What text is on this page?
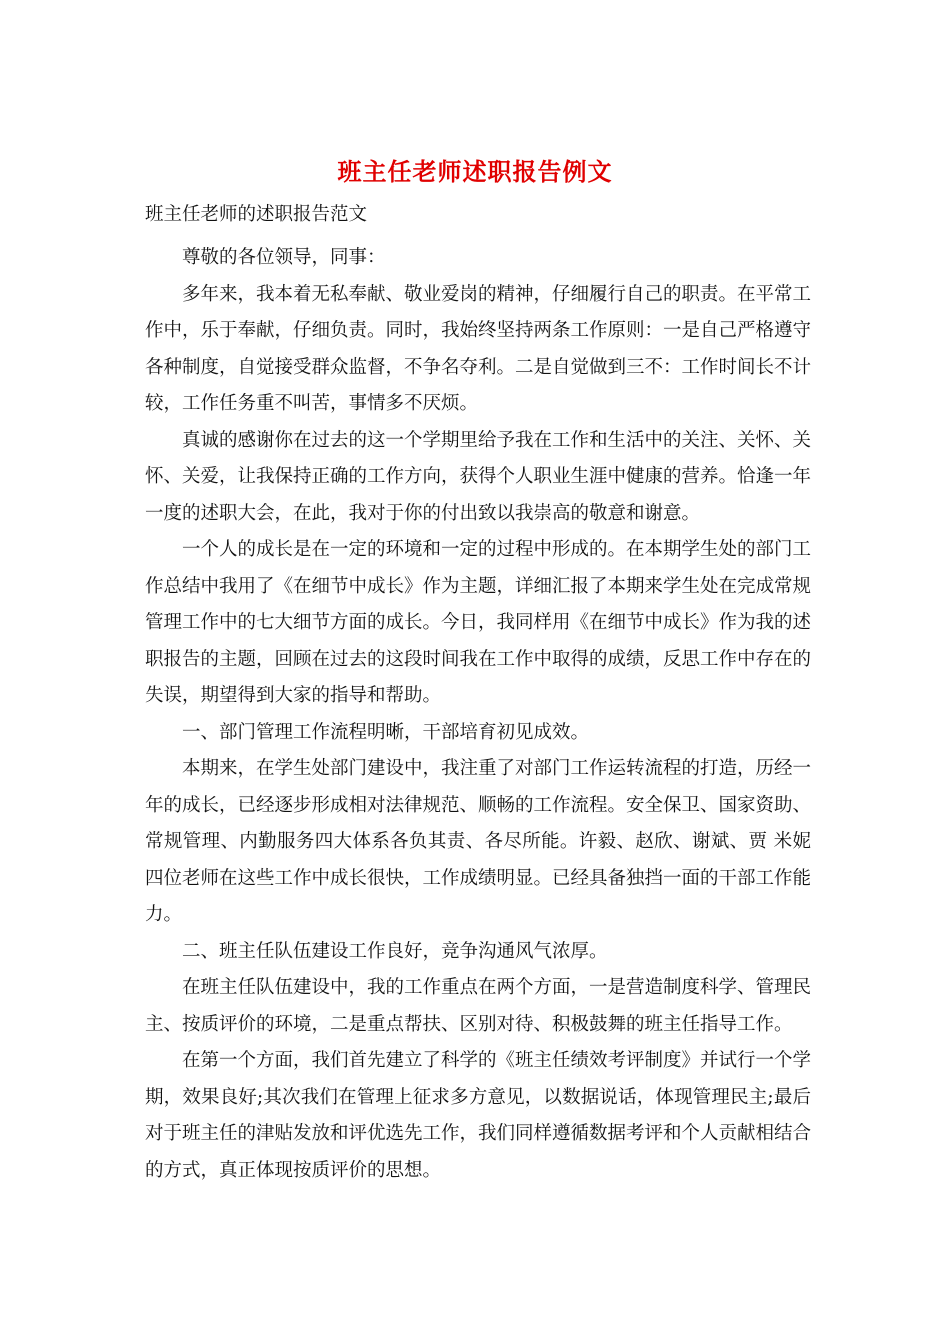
班主任老师述职报告例文
班主任老师的述职报告范文

尊敬的各位领导，同事：

多年来，我本着无私奉献、敬业爱岗的精神，仔细履行自己的职责。在平常工作中，乐于奉献，仔细负责。同时，我始终坚持两条工作原则：一是自己严格遵守各种制度，自觉接受群众监督，不争名夺利。二是自觉做到三不：工作时间长不计较，工作任务重不叫苦，事情多不厌烦。

真诚的感谢你在过去的这一个学期里给予我在工作和生活中的关注、关怀、关怀、关爱，让我保持正确的工作方向，获得个人职业生涯中健康的营养。恰逢一年一度的述职大会，在此，我对于你的付出致以我崇高的敬意和谢意。

一个人的成长是在一定的环境和一定的过程中形成的。在本期学生处的部门工作总结中我用了《在细节中成长》作为主题，详细汇报了本期来学生处在完成常规管理工作中的七大细节方面的成长。今日，我同样用《在细节中成长》作为我的述职报告的主题，回顾在过去的这段时间我在工作中取得的成绩，反思工作中存在的失误，期望得到大家的指导和帮助。

一、部门管理工作流程明晰，干部培育初见成效。

本期来，在学生处部门建设中，我注重了对部门工作运转流程的打造，历经一年的成长，已经逐步形成相对法律规范、顺畅的工作流程。安全保卫、国家资助、常规管理、内勤服务四大体系各负其责、各尽所能。许毅、赵欣、谢斌、贾 米妮四位老师在这些工作中成长很快，工作成绩明显。已经具备独挡一面的干部工作能力。

二、班主任队伍建设工作良好，竞争沟通风气浓厚。

在班主任队伍建设中，我的工作重点在两个方面，一是营造制度科学、管理民主、按质评价的环境，二是重点帮扶、区别对待、积极鼓舞的班主任指导工作。

在第一个方面，我们首先建立了科学的《班主任绩效考评制度》并试行一个学期，效果良好;其次我们在管理上征求多方意见，以数据说话，体现管理民主;最后对于班主任的津贴发放和评优选先工作，我们同样遵循数据考评和个人贡献相结合的方式，真正体现按质评价的思想。
